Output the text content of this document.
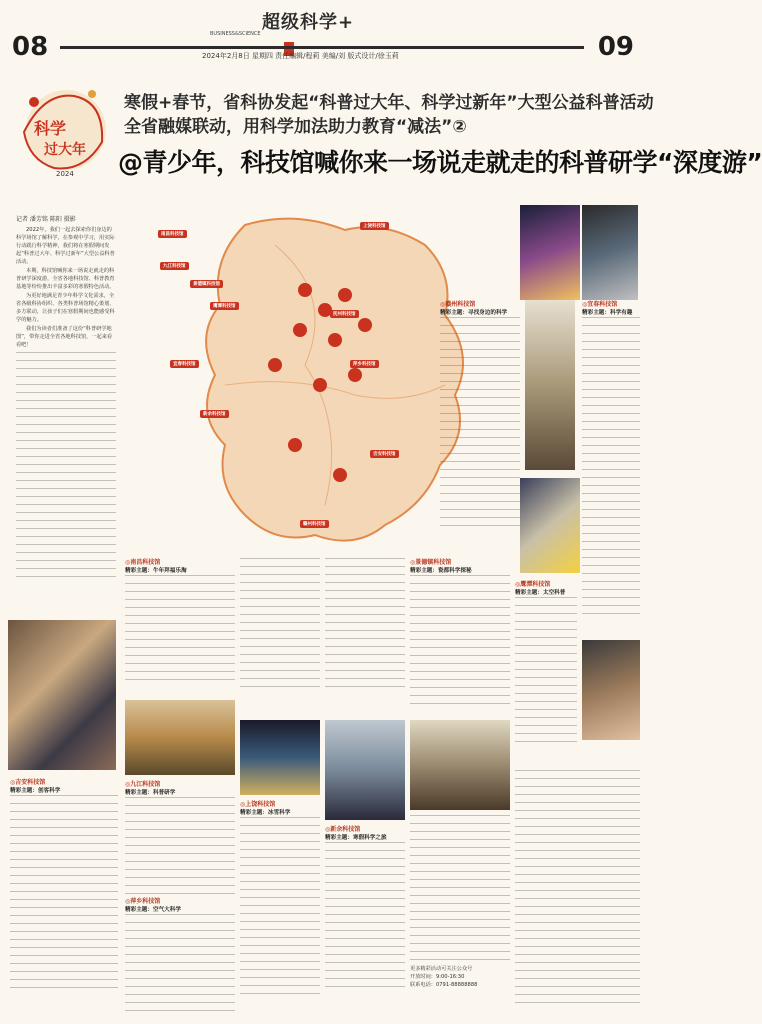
08	09
超级科学+
BUSINESS&SCIENCE
2024年2月8日 星期四 责任编辑/程莉 美编/刘 版式设计/徐玉莉
科学
过大年
2024
寒假+春节，省科协发起“科普过大年、科学过新年”大型公益科普活动
全省融媒联动，用科学加法助力教育“减法”②
@青少年，科技馆喊你来一场说走就走的科普研学“深度游”
记者 潘芳铭 陈阳 摄影

2022年，我们一起去探索你们身边的科学场馆了解科学，在参观中学习，用实际行动践行科学精神，我们将在寒假期间发起“科普过大年、科学过新年”大型公益科普活动。

本期，科技馆喊你来一场说走就走的科普研学深度游，全省各地科技馆、科普教育基地等纷纷推出丰富多彩的寒假特色活动。

为更好地满足青少年科学文化需求，全省各级科协组织、各类科普场馆精心策划、多方联动，让孩子们在寒假期间也能感受科学的魅力。

我们为读者们准备了这份“科普研学地图”，带你走进全省各地科技馆，一起来看看吧！

◎吉安科技馆
精彩主题：创客科学
南昌科技馆
九江科技馆
景德镇科技馆
上饶科技馆
鹰潭科技馆
抚州科技馆
宜春科技馆	萍乡科技馆
新余科技馆
吉安科技馆
赣州科技馆
◎赣州科技馆
精彩主题：寻找身边的科学
◎宜春科技馆
精彩主题：科学有趣
◎南昌科技馆
精彩主题：牛年拜福乐淘
◎景德镇科技馆
精彩主题：瓷都科学探秘
◎鹰潭科技馆
精彩主题：太空科普
◎九江科技馆
精彩主题：科普研学
◎萍乡科技馆
精彩主题：空气大科学
◎上饶科技馆
精彩主题：冰雪科学
◎新余科技馆
精彩主题：寒假科学之旅
更多精彩活动可关注公众号
开放时间：9:00-16:30
联系电话：0791-88888888
